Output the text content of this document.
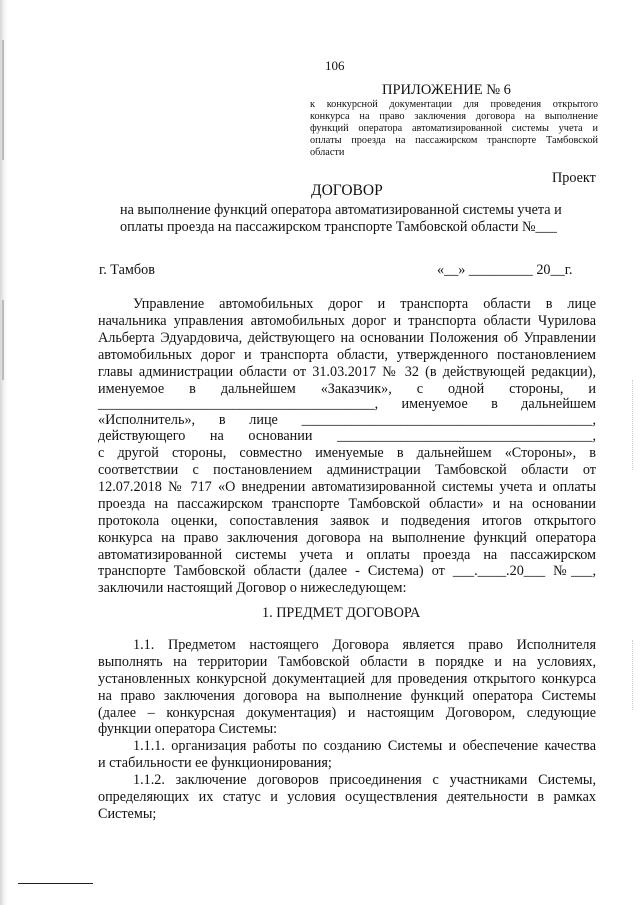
106
ПРИЛОЖЕНИЕ № 6
к конкурсной документации для проведения открытого
конкурса на право заключения договора на выполнение
функций оператора автоматизированной системы учета и
оплаты проезда на пассажирском транспорте Тамбовской
области
Проект
ДОГОВОР
на выполнение функций оператора автоматизированной системы учета и
оплаты проезда на пассажирском транспорте Тамбовской области №___
г. Тамбов	«__» _________ 20__г.
Управление автомобильных дорог и транспорта области в лице
начальника управления автомобильных дорог и транспорта области Чурилова
Альберта Эдуардовича, действующего на основании Положения об Управлении
автомобильных дорог и транспорта области, утвержденного постановлением
главы администрации области от 31.03.2017 № 32 (в действующей редакции),
именуемое в дальнейшем «Заказчик», с одной стороны, и
_______________________________________, именуемое в дальнейшем
«Исполнитель», в лице _________________________________________,
действующего на основании ____________________________________,
с другой стороны, совместно именуемые в дальнейшем «Стороны», в
соответствии с постановлением администрации Тамбовской области от
12.07.2018 № 717 «О внедрении автоматизированной системы учета и оплаты
проезда на пассажирском транспорте Тамбовской области» и на основании
протокола оценки, сопоставления заявок и подведения итогов открытого
конкурса на право заключения договора на выполнение функций оператора
автоматизированной системы учета и оплаты проезда на пассажирском
транспорте Тамбовской области (далее - Система) от ___.____.20___ №___,
заключили настоящий Договор о нижеследующем:
1. ПРЕДМЕТ ДОГОВОРА
1.1. Предметом настоящего Договора является право Исполнителя
выполнять на территории Тамбовской области в порядке и на условиях,
установленных конкурсной документацией для проведения открытого конкурса
на право заключения договора на выполнение функций оператора Системы
(далее – конкурсная документация) и настоящим Договором, следующие
функции оператора Системы:
1.1.1. организация работы по созданию Системы и обеспечение качества
и стабильности ее функционирования;
1.1.2. заключение договоров присоединения с участниками Системы,
определяющих их статус и условия осуществления деятельности в рамках
Системы;
